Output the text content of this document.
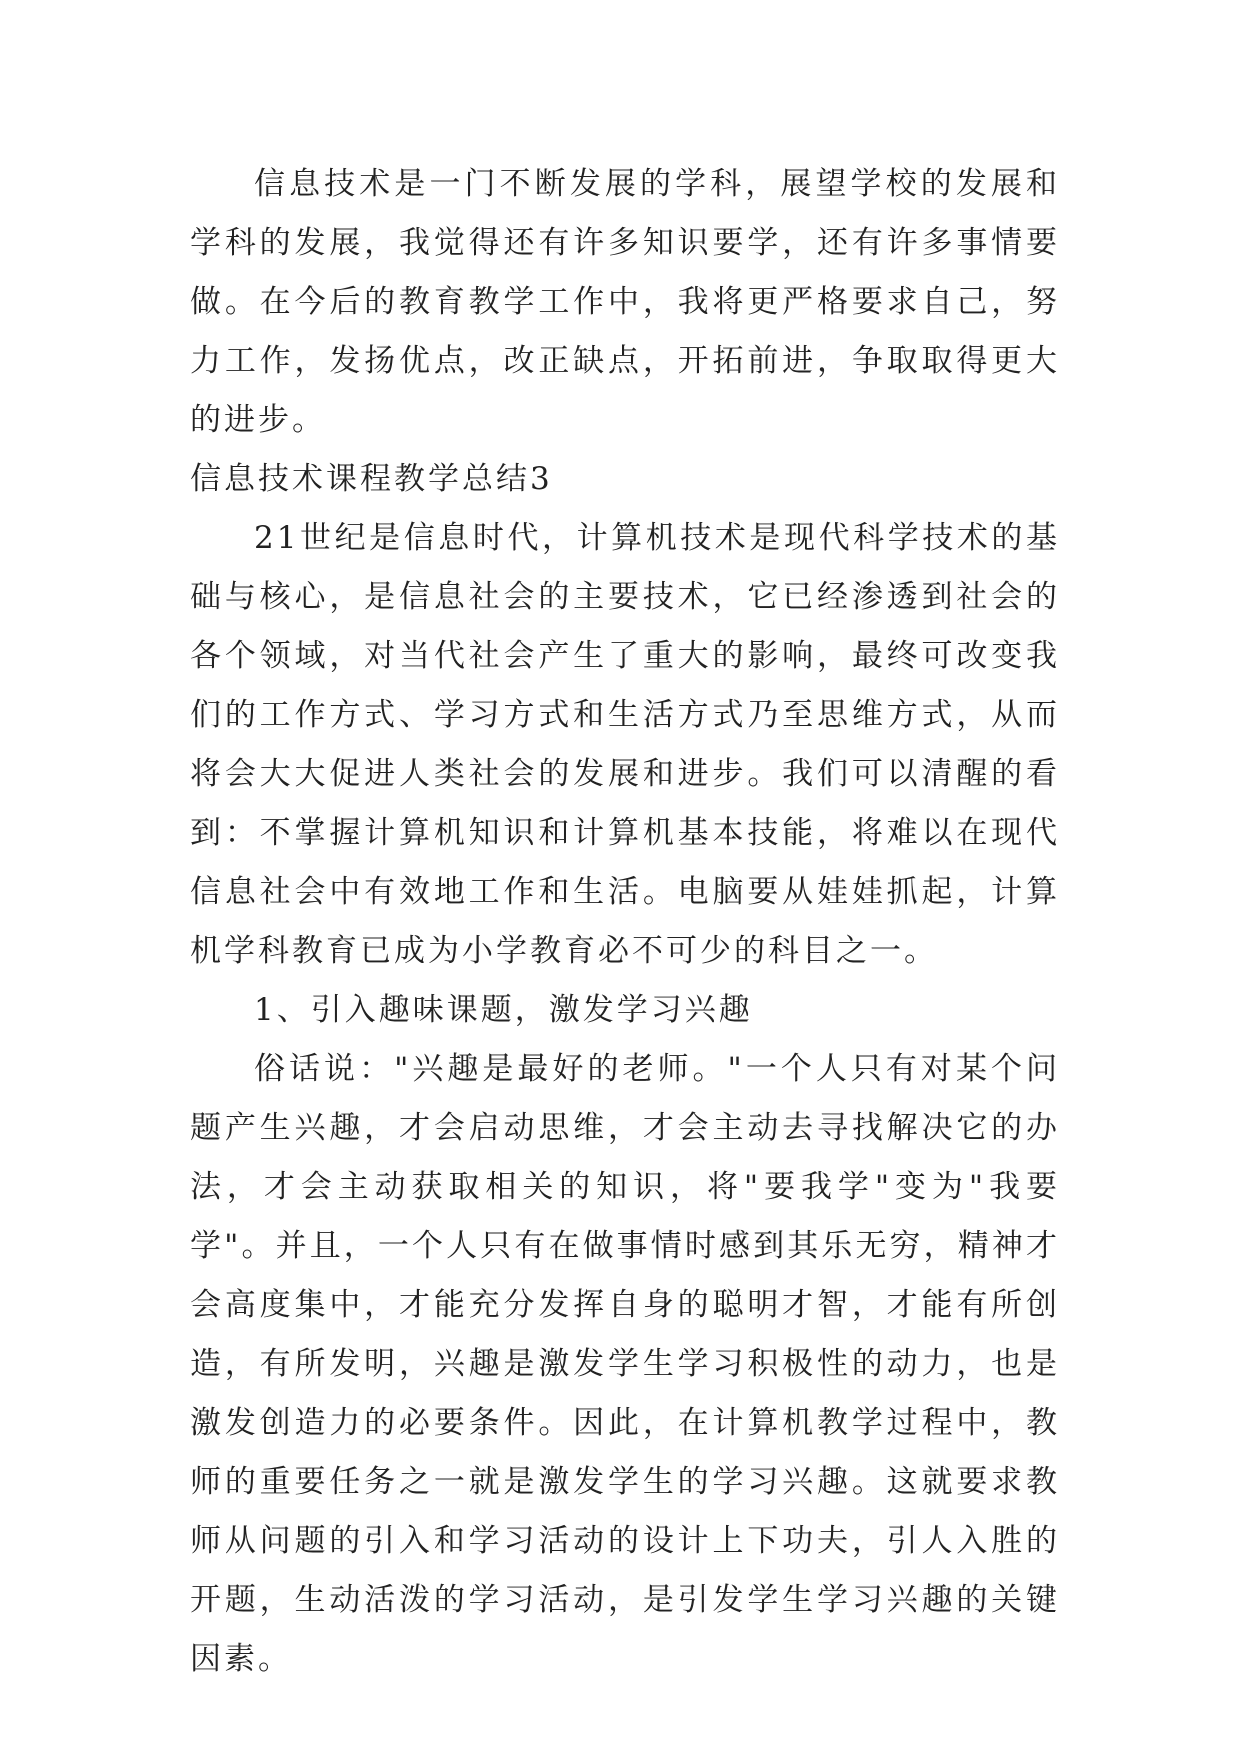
信息技术是一门不断发展的学科，展望学校的发展和学科的发展，我觉得还有许多知识要学，还有许多事情要做。在今后的教育教学工作中，我将更严格要求自己，努力工作，发扬优点，改正缺点，开拓前进，争取取得更大的进步。

信息技术课程教学总结3

21世纪是信息时代，计算机技术是现代科学技术的基础与核心，是信息社会的主要技术，它已经渗透到社会的各个领域，对当代社会产生了重大的影响，最终可改变我们的工作方式、学习方式和生活方式乃至思维方式，从而将会大大促进人类社会的发展和进步。我们可以清醒的看到：不掌握计算机知识和计算机基本技能，将难以在现代信息社会中有效地工作和生活。电脑要从娃娃抓起，计算机学科教育已成为小学教育必不可少的科目之一。

1、引入趣味课题，激发学习兴趣

俗话说："兴趣是最好的老师。"一个人只有对某个问题产生兴趣，才会启动思维，才会主动去寻找解决它的办法，才会主动获取相关的知识，将"要我学"变为"我要学"。并且，一个人只有在做事情时感到其乐无穷，精神才会高度集中，才能充分发挥自身的聪明才智，才能有所创造，有所发明，兴趣是激发学生学习积极性的动力，也是激发创造力的必要条件。因此，在计算机教学过程中，教师的重要任务之一就是激发学生的学习兴趣。这就要求教师从问题的引入和学习活动的设计上下功夫，引人入胜的开题，生动活泼的学习活动，是引发学生学习兴趣的关键因素。
